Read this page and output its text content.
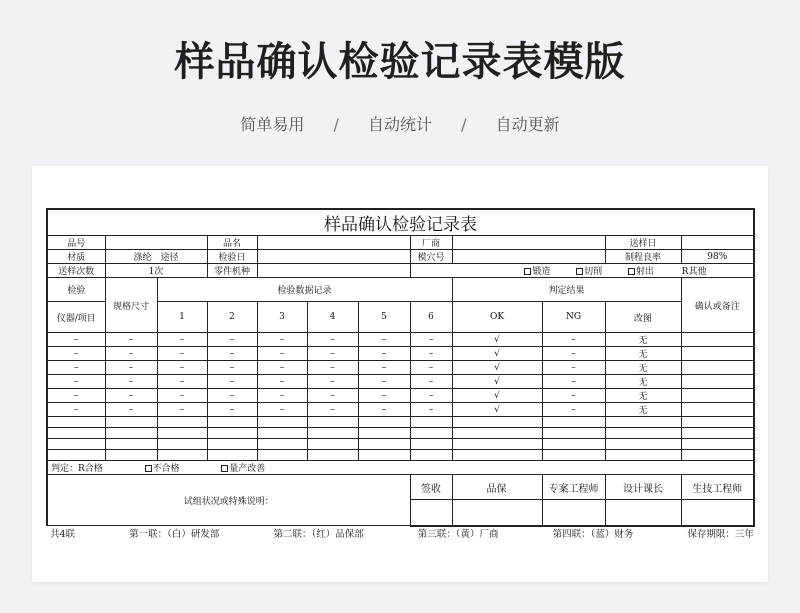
样品确认检验记录表模版
简单易用 / 自动统计 / 自动更新
样品确认检验记录表											
品号			品名				厂商			送样日	
材质	涤纶　途径		检验日				模穴号			制程良率	98%
送样次数	1次		零件机种				锻造 切削 射出 R其他				
检验	规格尺寸	检验数据记录						判定结果			确认或备注
仪器/项目		1	2	3	4	5	6	OK	NG	改图	
–	–	–	–	–	–	–	–	√	–	无	
–	–	–	–	–	–	–	–	√	–	无	
–	–	–	–	–	–	–	–	√	–	无	
–	–	–	–	–	–	–	–	√	–	无	
–	–	–	–	–	–	–	–	√	–	无	
–	–	–	–	–	–	–	–	√	–	无	

判定：R合格 不合格 量产改善											
试组状况或特殊说明：							签收	品保	专案工程师	设计课长	生技工程师

共4联	第一联：（白）研发部	第二联：（红）品保部	第三联：（黄）厂商	第四联：（蓝）财务	保存期限：三年
